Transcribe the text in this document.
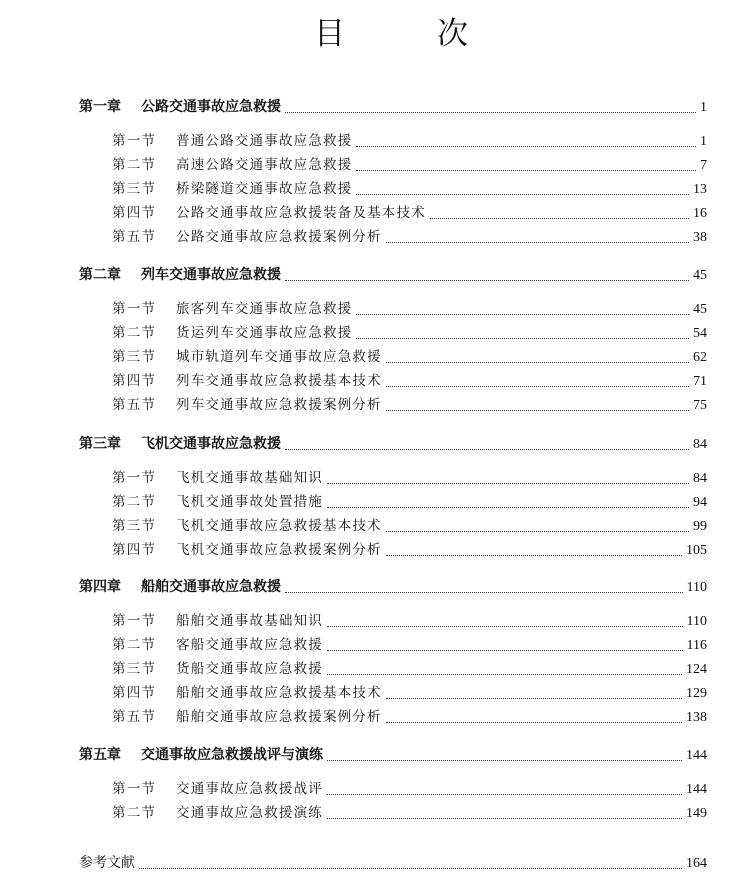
目	次
第一章	公路交通事故应急救援	1
第一节	普通公路交通事故应急救援	1
第二节	高速公路交通事故应急救援	7
第三节	桥梁隧道交通事故应急救援	13
第四节	公路交通事故应急救援装备及基本技术	16
第五节	公路交通事故应急救援案例分析	38
第二章	列车交通事故应急救援	45
第一节	旅客列车交通事故应急救援	45
第二节	货运列车交通事故应急救援	54
第三节	城市轨道列车交通事故应急救援	62
第四节	列车交通事故应急救援基本技术	71
第五节	列车交通事故应急救援案例分析	75
第三章	飞机交通事故应急救援	84
第一节	飞机交通事故基础知识	84
第二节	飞机交通事故处置措施	94
第三节	飞机交通事故应急救援基本技术	99
第四节	飞机交通事故应急救援案例分析	105
第四章	船舶交通事故应急救援	110
第一节	船舶交通事故基础知识	110
第二节	客船交通事故应急救援	116
第三节	货船交通事故应急救援	124
第四节	船舶交通事故应急救援基本技术	129
第五节	船舶交通事故应急救援案例分析	138
第五章	交通事故应急救援战评与演练	144
第一节	交通事故应急救援战评	144
第二节	交通事故应急救援演练	149
参考文献	164
